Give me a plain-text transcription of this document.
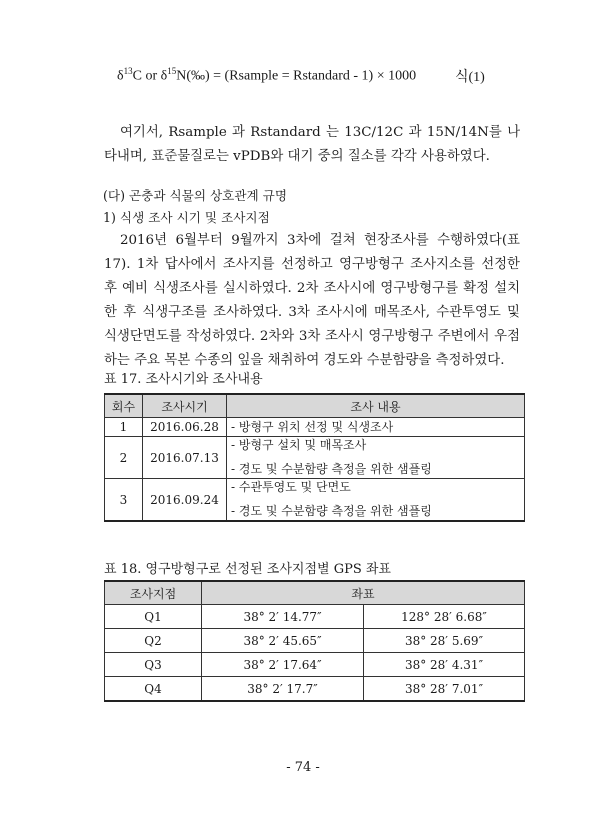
$\delta^{13}C$ or $\delta^{15}N(‰)$ = (Rsample = Rstandard - 1) × 1000	식(1)
여기서, Rsample 과 Rstandard 는 13C/12C 과 15N/14N를 나타내며, 표준물질로는 vPDB와 대기 중의 질소를 각각 사용하였다.
(다) 곤충과 식물의 상호관계 규명
1) 식생 조사 시기 및 조사지점
2016년 6월부터 9월까지 3차에 걸쳐 현장조사를 수행하였다(표 17). 1차 답사에서 조사지를 선정하고 영구방형구 조사지소를 선정한 후 예비 식생조사를 실시하였다. 2차 조사시에 영구방형구를 확정 설치한 후 식생구조를 조사하였다. 3차 조사시에 매목조사, 수관투영도 및 식생단면도를 작성하였다. 2차와 3차 조사시 영구방형구 주변에서 우점하는 주요 목본 수종의 잎을 채취하여 경도와 수분함량을 측정하였다.
표 17. 조사시기와 조사내용
회수	조사시기	조사 내용
1	2016.06.28	- 방형구 위치 선정 및 식생조사

2	2016.07.13	- 방형구 설치 및 매목조사
- 경도 및 수분함량 측정을 위한 샘플링

3	2016.09.24	- 수관투영도 및 단면도
- 경도 및 수분함량 측정을 위한 샘플링
표 18. 영구방형구로 선정된 조사지점별 GPS 좌표
조사지점	좌표	
Q1	38° 2′ 14.77″	128° 28′ 6.68″
Q2	38° 2′ 45.65″	38° 28′ 5.69″
Q3	38° 2′ 17.64″	38° 28′ 4.31″
Q4	38° 2′ 17.7″	38° 28′ 7.01″
- 74 -
